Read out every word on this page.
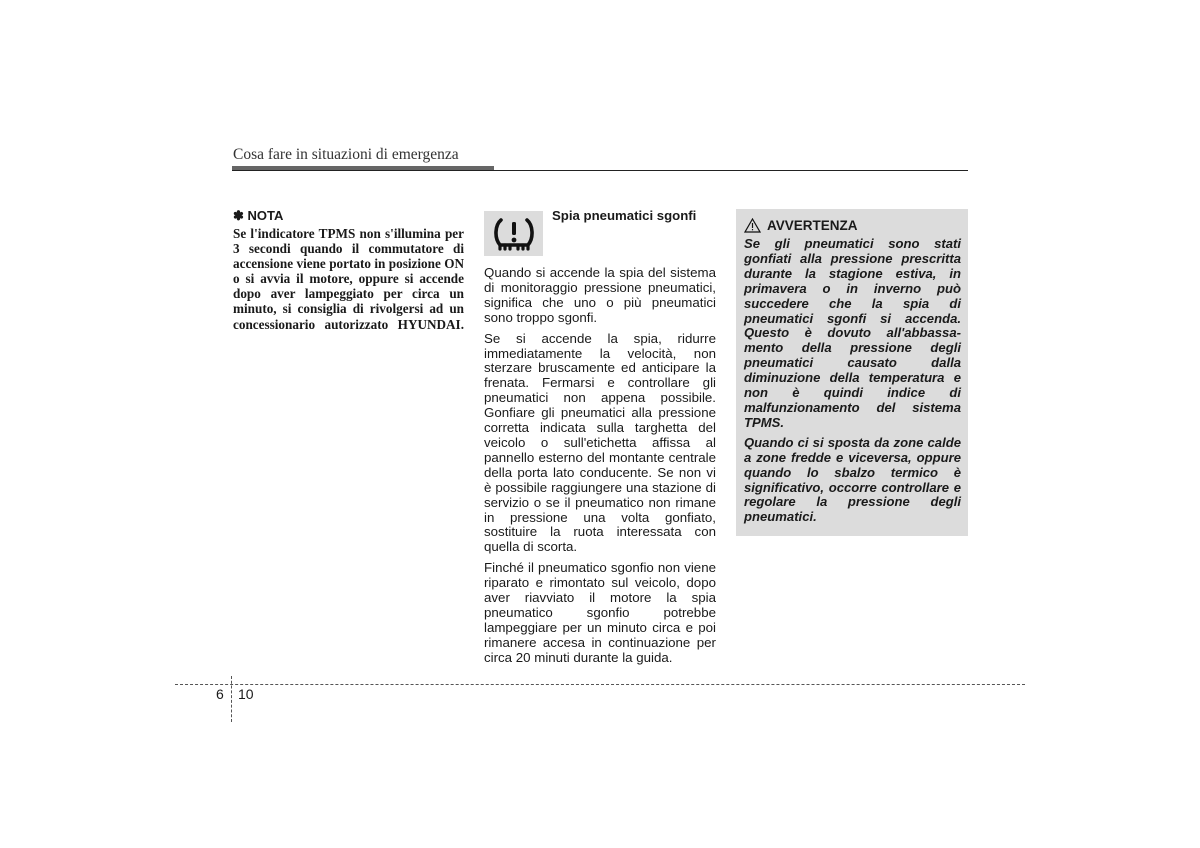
Cosa fare in situazioni di emergenza
✽ NOTA

Se l'indicatore TPMS non s'illumina per 3 secondi quando il commutatore di accensione viene portato in posizione ON o si avvia il motore, oppure si accende dopo aver lampeggiato per circa un minuto, si consiglia di rivolgersi ad un concessionario autorizzato HYUNDAI.

Spia pneumatici sgonfi

Quando si accende la spia del sistema di monitoraggio pressione pneumatici, significa che uno o più pneumatici sono troppo sgonfi.

Se si accende la spia, ridurre immediatamente la velocità, non sterzare bruscamente ed anticipare la frenata. Fermarsi e controllare gli pneumatici non appena possibile. Gonfiare gli pneumatici alla pressione corretta indicata sulla targhetta del veicolo o sull'etichetta affissa al pannello esterno del montante centrale della porta lato conducente. Se non vi è possibile raggiungere una stazione di servizio o se il pneumatico non rimane in pressione una volta gonfiato, sostituire la ruota interessata con quella di scorta.

Finché il pneumatico sgonfio non viene riparato e rimontato sul veicolo, dopo aver riavviato il motore la spia pneumatico sgonfio potrebbe lampeggiare per un minuto circa e poi rimanere accesa in continuazione per circa 20 minuti durante la guida.

AVVERTENZA

Se gli pneumatici sono stati gonfiati alla pressione prescritta durante la stagione estiva, in primavera o in inverno può succedere che la spia di pneumatici sgonfi si accenda. Questo è dovuto all'abbassa-mento della pressione degli pneumatici causato dalla diminuzione della temperatura e non è quindi indice di malfunzionamento del sistema TPMS.

Quando ci si sposta da zone calde a zone fredde e viceversa, oppure quando lo sbalzo termico è significativo, occorre controllare e regolare la pressione degli pneumatici.

6 10
